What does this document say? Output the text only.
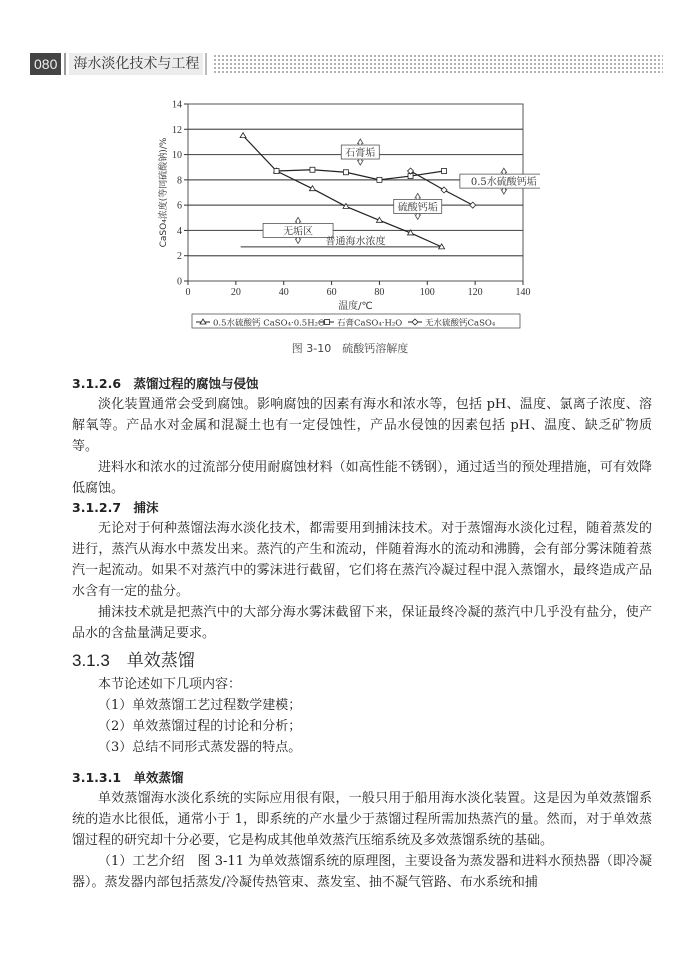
080 海水淡化技术与工程
0
2
4
6
8
10
12
14
0	20	40	60	80	100	120	140
温度/℃
CaSO₄浓度(等同硫酸钠)/%	石膏垢
0.5水硫酸钙垢
硫酸钙垢
无垢区
普通海水浓度
0.5水硫酸钙 CaSO₄·0.5H₂O 石膏CaSO₄·H₂O	无水硫酸钙CaSO₄
图 3-10　硫酸钙溶解度
3.1.2.6　蒸馏过程的腐蚀与侵蚀

淡化装置通常会受到腐蚀。影响腐蚀的因素有海水和浓水等，包括 pH、温度、氯离子浓度、溶解氧等。产品水对金属和混凝土也有一定侵蚀性，产品水侵蚀的因素包括 pH、温度、缺乏矿物质等。

进料水和浓水的过流部分使用耐腐蚀材料（如高性能不锈钢），通过适当的预处理措施，可有效降低腐蚀。

3.1.2.7　捕沫

无论对于何种蒸馏法海水淡化技术，都需要用到捕沫技术。对于蒸馏海水淡化过程，随着蒸发的进行，蒸汽从海水中蒸发出来。蒸汽的产生和流动，伴随着海水的流动和沸腾，会有部分雾沫随着蒸汽一起流动。如果不对蒸汽中的雾沫进行截留，它们将在蒸汽冷凝过程中混入蒸馏水，最终造成产品水含有一定的盐分。

捕沫技术就是把蒸汽中的大部分海水雾沫截留下来，保证最终冷凝的蒸汽中几乎没有盐分，使产品水的含盐量满足要求。

3.1.3　单效蒸馏

本节论述如下几项内容：

（1）单效蒸馏工艺过程数学建模；

（2）单效蒸馏过程的讨论和分析；

（3）总结不同形式蒸发器的特点。

3.1.3.1　单效蒸馏

单效蒸馏海水淡化系统的实际应用很有限，一般只用于船用海水淡化装置。这是因为单效蒸馏系统的造水比很低，通常小于 1，即系统的产水量少于蒸馏过程所需加热蒸汽的量。然而，对于单效蒸馏过程的研究却十分必要，它是构成其他单效蒸汽压缩系统及多效蒸馏系统的基础。

（1）工艺介绍　图 3-11 为单效蒸馏系统的原理图，主要设备为蒸发器和进料水预热器（即冷凝器）。蒸发器内部包括蒸发/冷凝传热管束、蒸发室、抽不凝气管路、布水系统和捕
